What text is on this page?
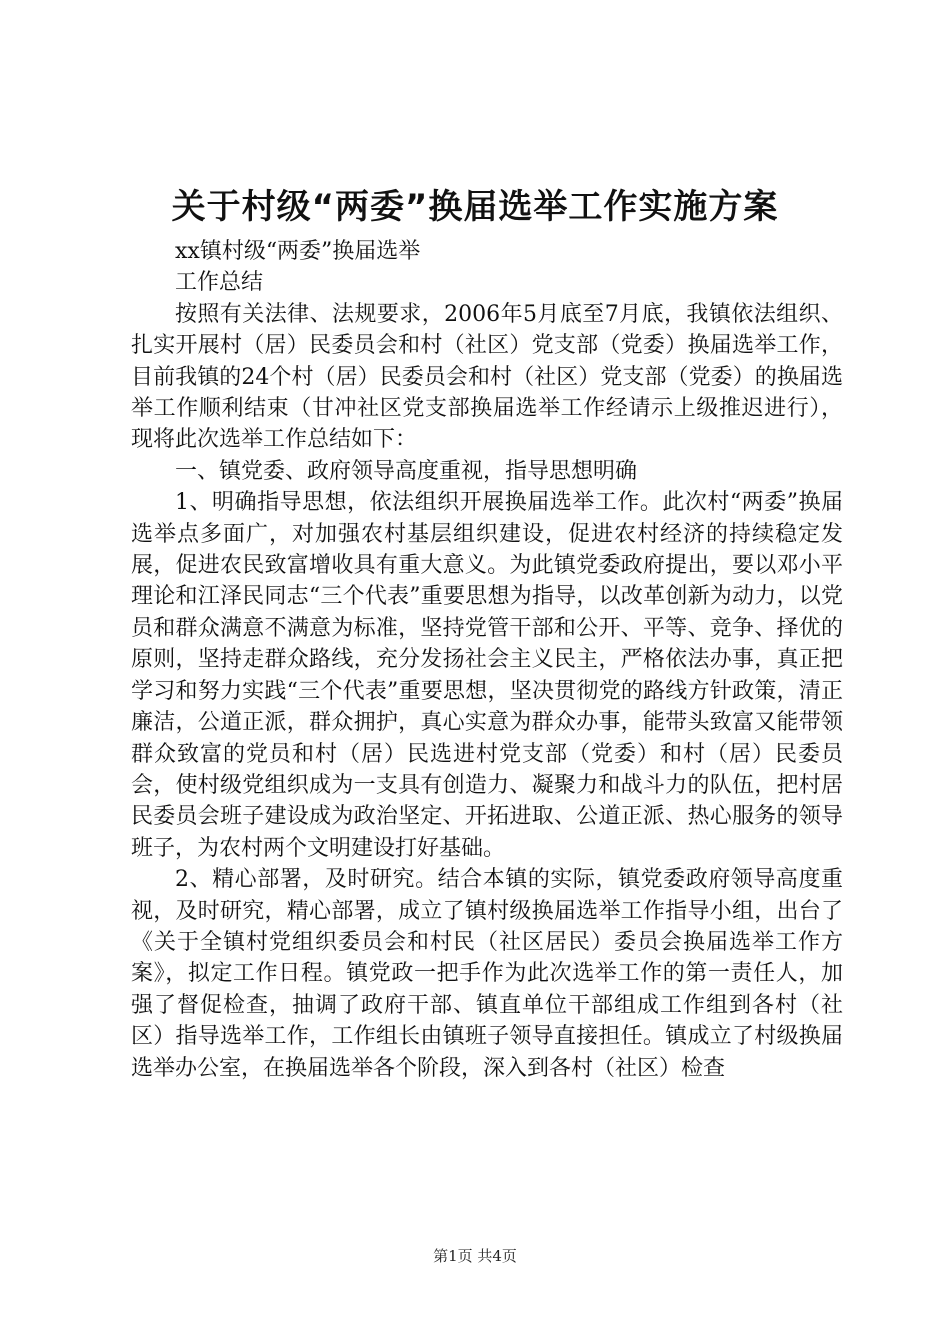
关于村级“两委”换届选举工作实施方案

xx镇村级“两委”换届选举

工作总结

按照有关法律、法规要求，2006年5月底至7月底，我镇依法组织、扎实开展村（居）民委员会和村（社区）党支部（党委）换届选举工作，目前我镇的24个村（居）民委员会和村（社区）党支部（党委）的换届选举工作顺利结束（甘冲社区党支部换届选举工作经请示上级推迟进行），现将此次选举工作总结如下：

一、镇党委、政府领导高度重视，指导思想明确

1、明确指导思想，依法组织开展换届选举工作。此次村“两委”换届选举点多面广，对加强农村基层组织建设，促进农村经济的持续稳定发展，促进农民致富增收具有重大意义。为此镇党委政府提出，要以邓小平理论和江泽民同志“三个代表”重要思想为指导，以改革创新为动力，以党员和群众满意不满意为标准，坚持党管干部和公开、平等、竞争、择优的原则，坚持走群众路线，充分发扬社会主义民主，严格依法办事，真正把学习和努力实践“三个代表”重要思想，坚决贯彻党的路线方针政策，清正廉洁，公道正派，群众拥护，真心实意为群众办事，能带头致富又能带领群众致富的党员和村（居）民选进村党支部（党委）和村（居）民委员会，使村级党组织成为一支具有创造力、凝聚力和战斗力的队伍，把村居民委员会班子建设成为政治坚定、开拓进取、公道正派、热心服务的领导班子，为农村两个文明建设打好基础。

2、精心部署，及时研究。结合本镇的实际，镇党委政府领导高度重视，及时研究，精心部署，成立了镇村级换届选举工作指导小组，出台了《关于全镇村党组织委员会和村民（社区居民）委员会换届选举工作方案》，拟定工作日程。镇党政一把手作为此次选举工作的第一责任人，加强了督促检查，抽调了政府干部、镇直单位干部组成工作组到各村（社区）指导选举工作，工作组长由镇班子领导直接担任。镇成立了村级换届选举办公室，在换届选举各个阶段，深入到各村（社区）检查

第1页 共4页
